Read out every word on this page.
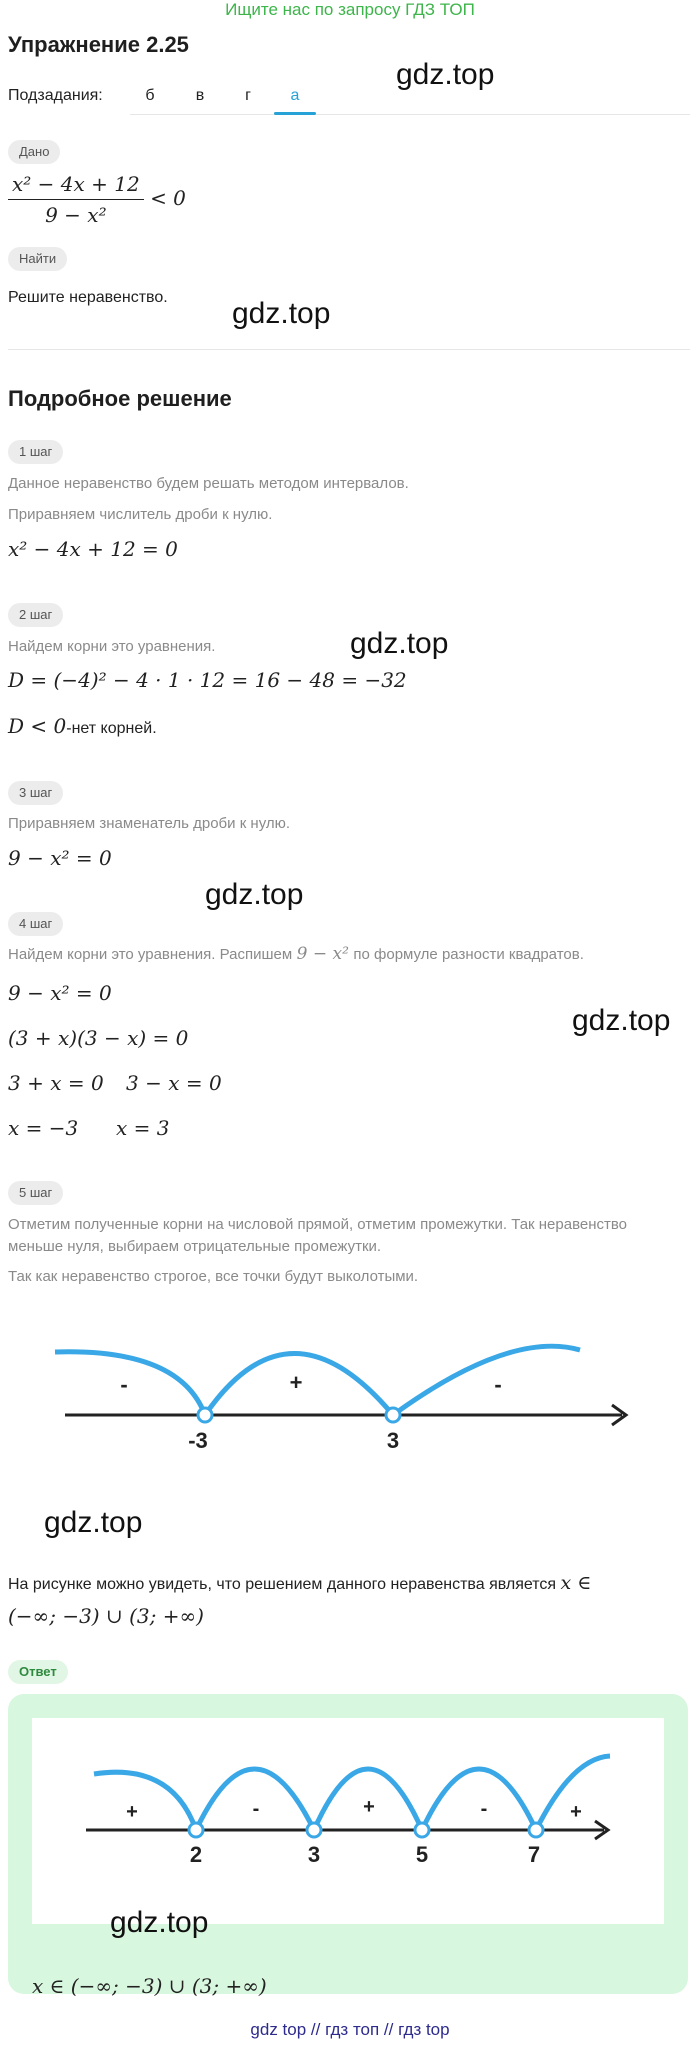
Ищите нас по запросу ГДЗ ТОП
Упражнение 2.25
Подзадания:	б	в	г	а
gdz.top
gdz.top
gdz.top
gdz.top
gdz.top
gdz.top
Дано
$\frac{\text{x² − 4x + 12}}{\text{9 − x²}} < 0$
Найти
Решите неравенство.
Подробное решение
1 шаг
Данное неравенство будем решать методом интервалов.
Приравняем числитель дроби к нулю.
x² − 4x + 12 = 0
2 шаг
Найдем корни это уравнения.
D = (−4)² − 4 · 1 · 12 = 16 − 48 = −32
D < 0-нет корней.
3 шаг
Приравняем знаменатель дроби к нулю.
9 − x² = 0
4 шаг
Найдем корни это уравнения. Распишем 9 − x² по формуле разности квадратов.
9 − x² = 0
(3 + x)(3 − x) = 0
3 + x = 0 3 − x = 0
x = −3 x = 3
5 шаг
Отметим полученные корни на числовой прямой, отметим промежутки. Так неравенство
меньше нуля, выбираем отрицательные промежутки.
Так как неравенство строгое, все точки будут выколотыми.
-3	3
-	+	-
На рисунке можно увидеть, что решением данного неравенства является x ∈
(−∞; −3) ∪ (3; +∞)
Ответ
2	3	5	7
+	-	+	-	+
gdz.top
x ∈ (−∞; −3) ∪ (3; +∞)
gdz top // гдз топ // гдз top
